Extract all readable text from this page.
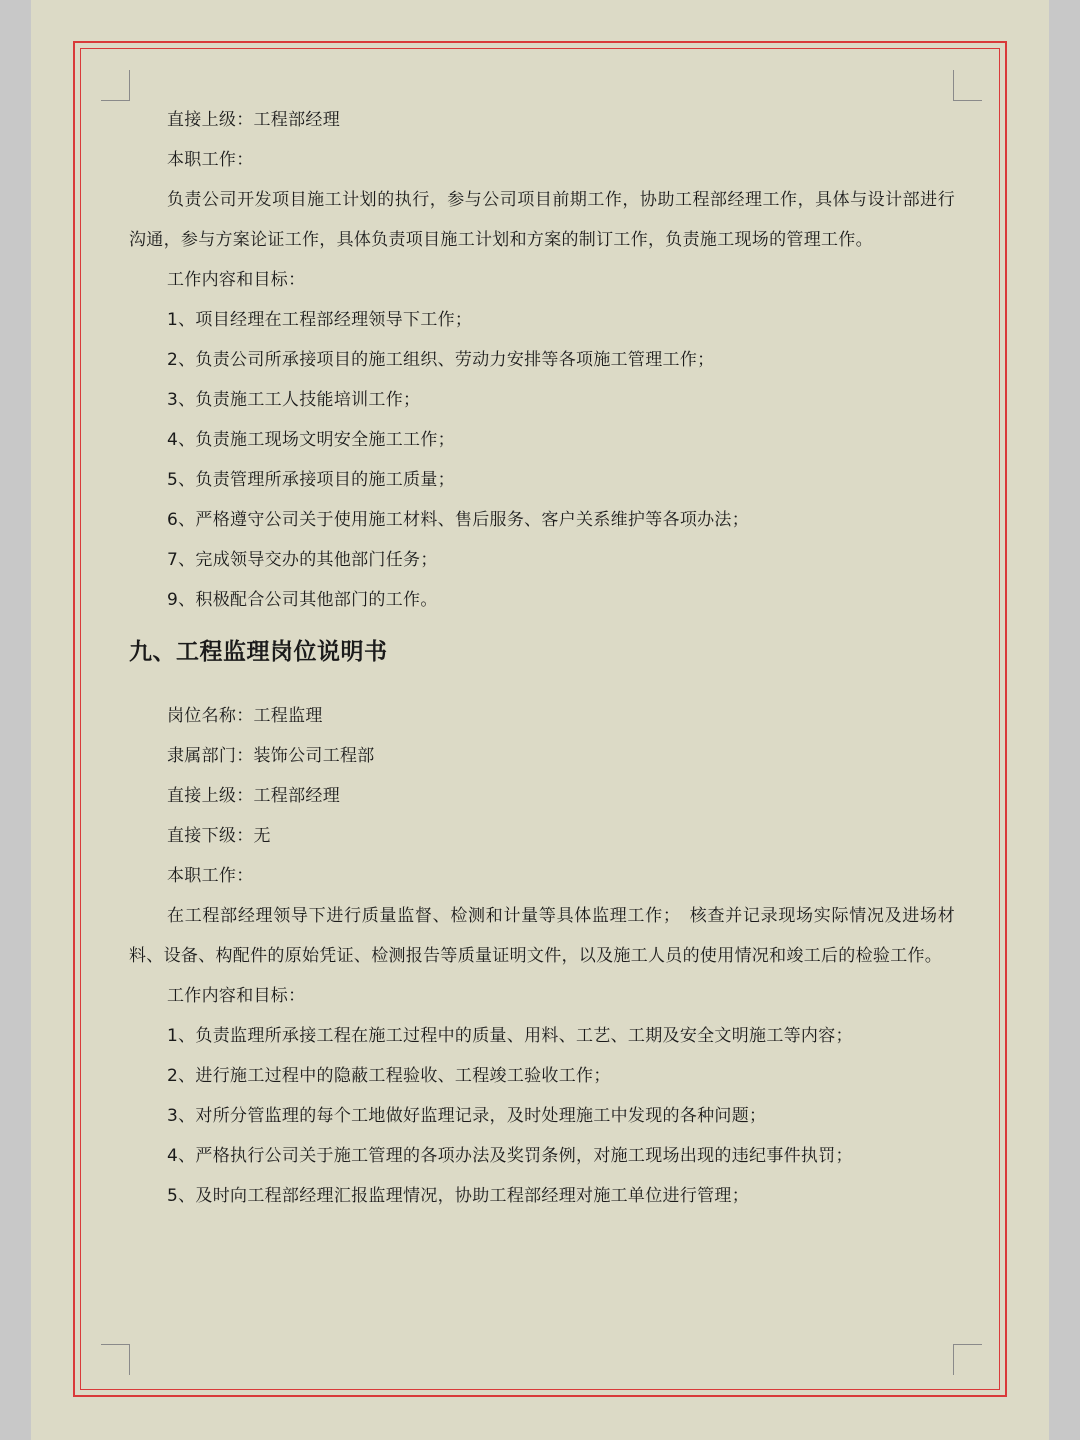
直接上级：工程部经理
本职工作：
负责公司开发项目施工计划的执行，参与公司项目前期工作，协助工程部经理工作，具体与设计部进行沟通，参与方案论证工作，具体负责项目施工计划和方案的制订工作，负责施工现场的管理工作。
工作内容和目标：
1、项目经理在工程部经理领导下工作；
2、负责公司所承接项目的施工组织、劳动力安排等各项施工管理工作；
3、负责施工工人技能培训工作；
4、负责施工现场文明安全施工工作；
5、负责管理所承接项目的施工质量；
6、严格遵守公司关于使用施工材料、售后服务、客户关系维护等各项办法；
7、完成领导交办的其他部门任务；
9、积极配合公司其他部门的工作。
九、工程监理岗位说明书
岗位名称：工程监理
隶属部门：装饰公司工程部
直接上级：工程部经理
直接下级：无
本职工作：
在工程部经理领导下进行质量监督、检测和计量等具体监理工作；　核查并记录现场实际情况及进场材料、设备、构配件的原始凭证、检测报告等质量证明文件，以及施工人员的使用情况和竣工后的检验工作。
工作内容和目标：
1、负责监理所承接工程在施工过程中的质量、用料、工艺、工期及安全文明施工等内容；
2、进行施工过程中的隐蔽工程验收、工程竣工验收工作；
3、对所分管监理的每个工地做好监理记录，及时处理施工中发现的各种问题；
4、严格执行公司关于施工管理的各项办法及奖罚条例，对施工现场出现的违纪事件执罚；
5、及时向工程部经理汇报监理情况，协助工程部经理对施工单位进行管理；
